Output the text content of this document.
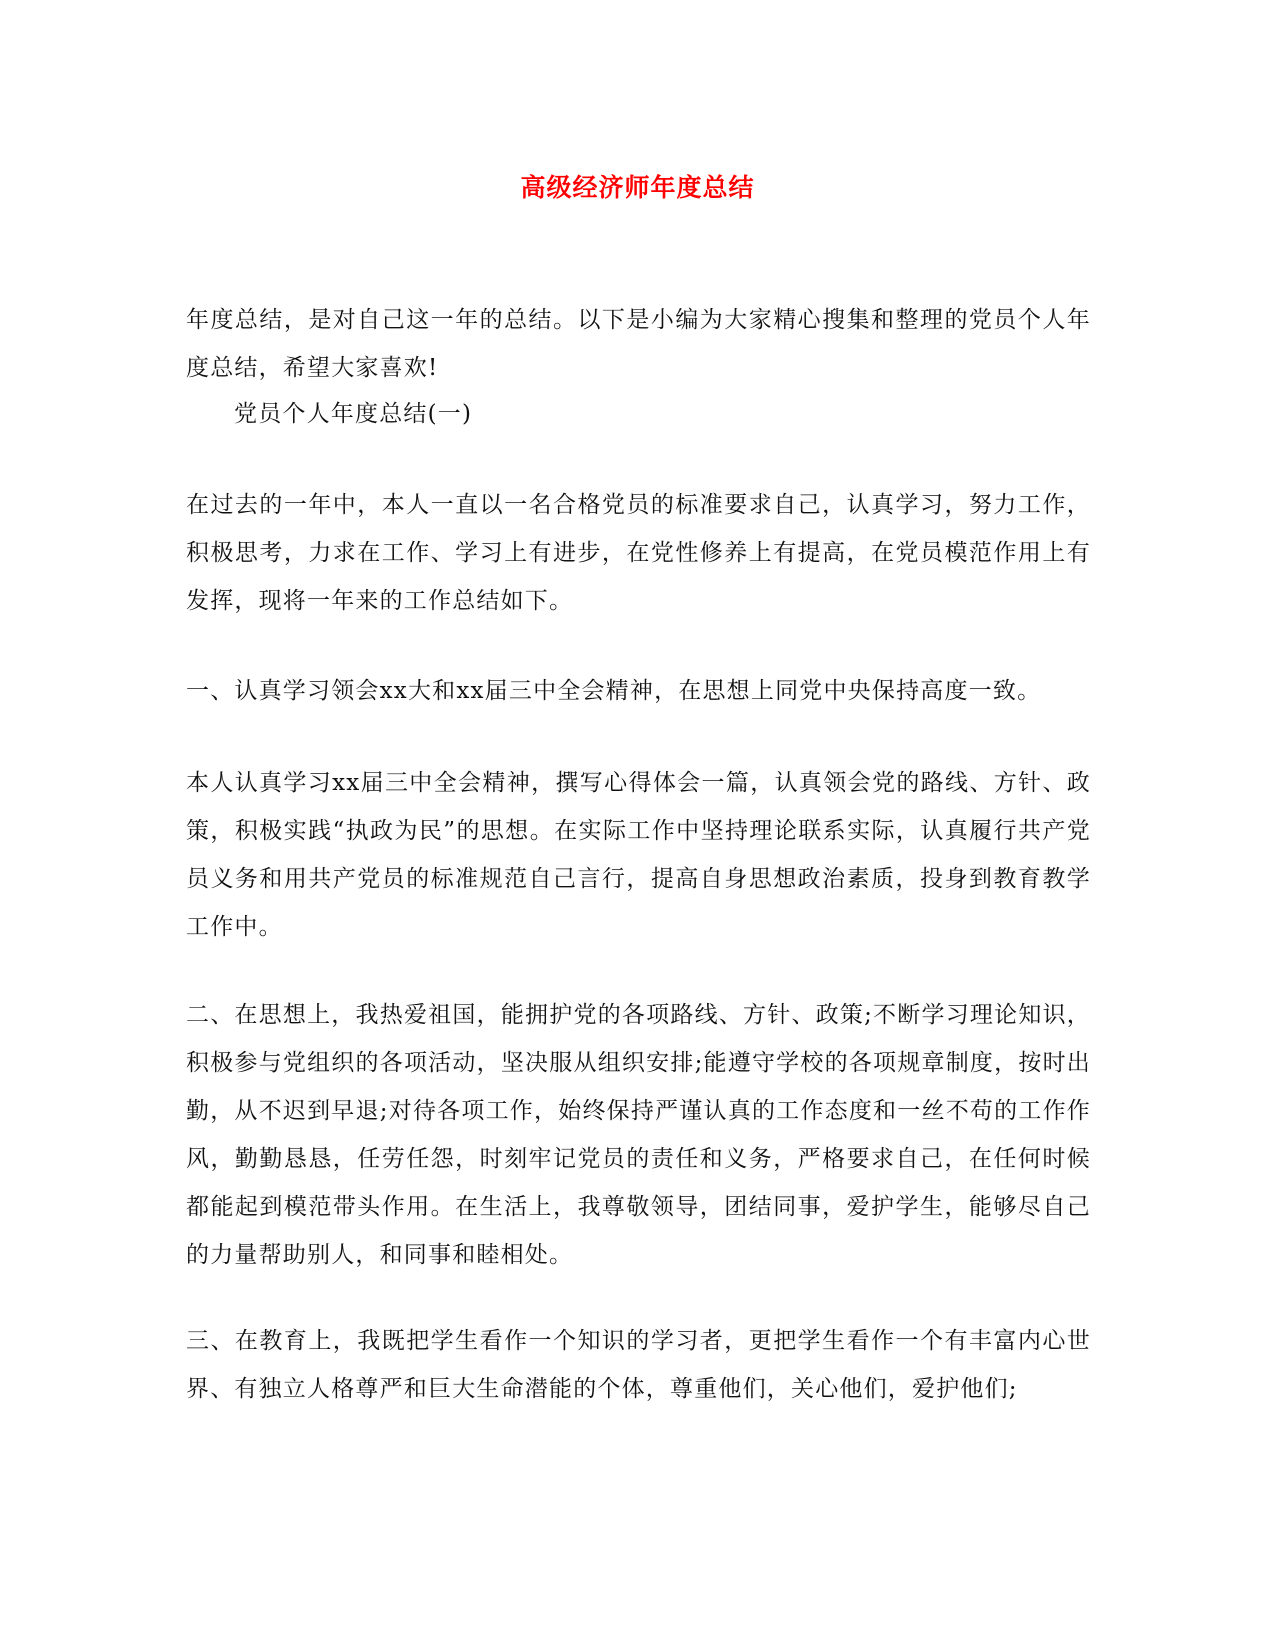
高级经济师年度总结
年度总结，是对自己这一年的总结。以下是小编为大家精心搜集和整理的党员个人年度总结，希望大家喜欢!
党员个人年度总结(一)
在过去的一年中，本人一直以一名合格党员的标准要求自己，认真学习，努力工作，积极思考，力求在工作、学习上有进步，在党性修养上有提高，在党员模范作用上有发挥，现将一年来的工作总结如下。
一、认真学习领会xx大和xx届三中全会精神，在思想上同党中央保持高度一致。
本人认真学习xx届三中全会精神，撰写心得体会一篇，认真领会党的路线、方针、政策，积极实践“执政为民”的思想。在实际工作中坚持理论联系实际，认真履行共产党员义务和用共产党员的标准规范自己言行，提高自身思想政治素质，投身到教育教学工作中。
二、在思想上，我热爱祖国，能拥护党的各项路线、方针、政策;不断学习理论知识，积极参与党组织的各项活动，坚决服从组织安排;能遵守学校的各项规章制度，按时出勤，从不迟到早退;对待各项工作，始终保持严谨认真的工作态度和一丝不苟的工作作风，勤勤恳恳，任劳任怨，时刻牢记党员的责任和义务，严格要求自己，在任何时候都能起到模范带头作用。在生活上，我尊敬领导，团结同事，爱护学生，能够尽自己的力量帮助别人，和同事和睦相处。
三、在教育上，我既把学生看作一个知识的学习者，更把学生看作一个有丰富内心世界、有独立人格尊严和巨大生命潜能的个体，尊重他们，关心他们，爱护他们;
